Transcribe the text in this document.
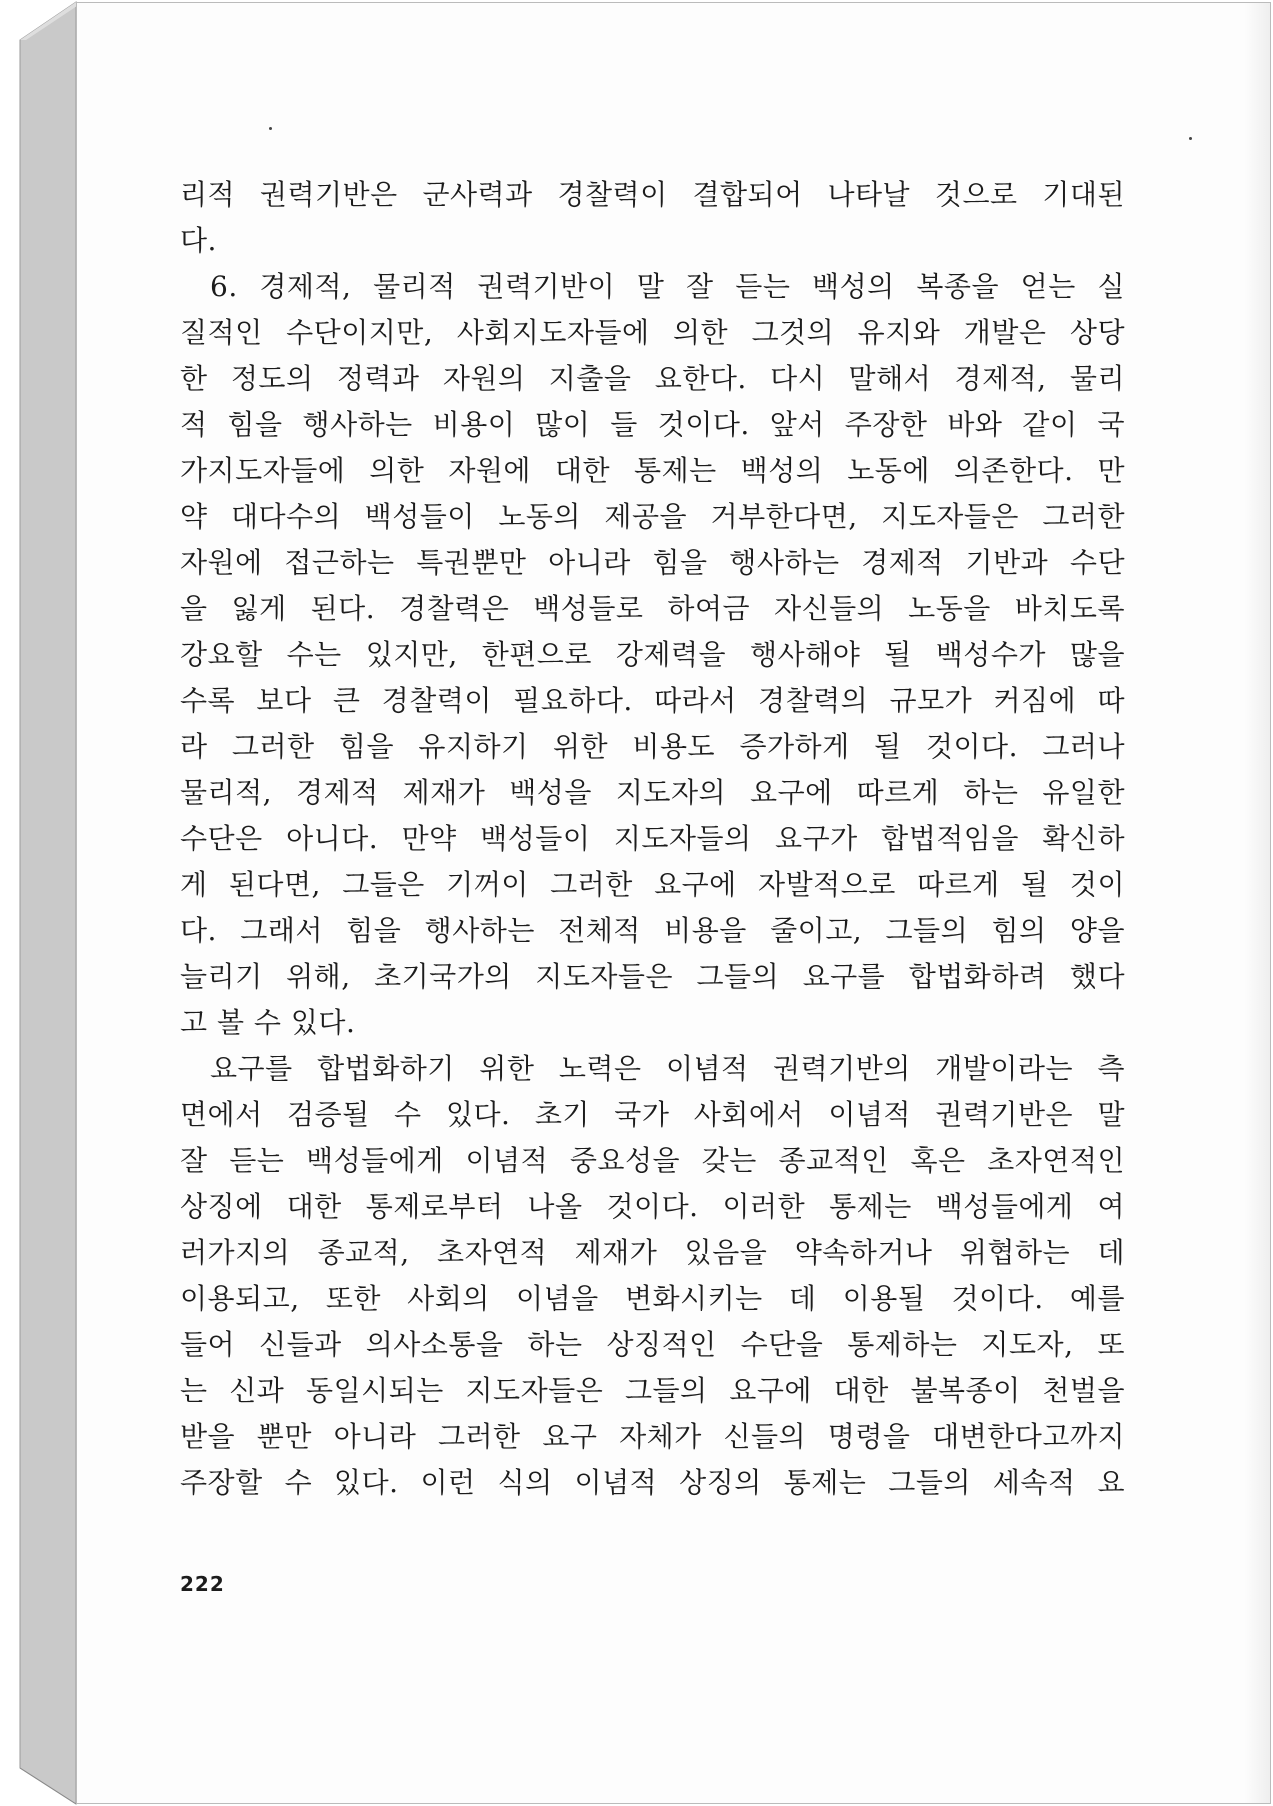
리적 권력기반은 군사력과 경찰력이 결합되어 나타날 것으로 기대된
다.
6. 경제적, 물리적 권력기반이 말 잘 듣는 백성의 복종을 얻는 실
질적인 수단이지만, 사회지도자들에 의한 그것의 유지와 개발은 상당
한 정도의 정력과 자원의 지출을 요한다. 다시 말해서 경제적, 물리
적 힘을 행사하는 비용이 많이 들 것이다. 앞서 주장한 바와 같이 국
가지도자들에 의한 자원에 대한 통제는 백성의 노동에 의존한다. 만
약 대다수의 백성들이 노동의 제공을 거부한다면, 지도자들은 그러한
자원에 접근하는 특권뿐만 아니라 힘을 행사하는 경제적 기반과 수단
을 잃게 된다. 경찰력은 백성들로 하여금 자신들의 노동을 바치도록
강요할 수는 있지만, 한편으로 강제력을 행사해야 될 백성수가 많을
수록 보다 큰 경찰력이 필요하다. 따라서 경찰력의 규모가 커짐에 따
라 그러한 힘을 유지하기 위한 비용도 증가하게 될 것이다. 그러나
물리적, 경제적 제재가 백성을 지도자의 요구에 따르게 하는 유일한
수단은 아니다. 만약 백성들이 지도자들의 요구가 합법적임을 확신하
게 된다면, 그들은 기꺼이 그러한 요구에 자발적으로 따르게 될 것이
다. 그래서 힘을 행사하는 전체적 비용을 줄이고, 그들의 힘의 양을
늘리기 위해, 초기국가의 지도자들은 그들의 요구를 합법화하려 했다
고 볼 수 있다.
요구를 합법화하기 위한 노력은 이념적 권력기반의 개발이라는 측
면에서 검증될 수 있다. 초기 국가 사회에서 이념적 권력기반은 말
잘 듣는 백성들에게 이념적 중요성을 갖는 종교적인 혹은 초자연적인
상징에 대한 통제로부터 나올 것이다. 이러한 통제는 백성들에게 여
러가지의 종교적, 초자연적 제재가 있음을 약속하거나 위협하는 데
이용되고, 또한 사회의 이념을 변화시키는 데 이용될 것이다. 예를
들어 신들과 의사소통을 하는 상징적인 수단을 통제하는 지도자, 또
는 신과 동일시되는 지도자들은 그들의 요구에 대한 불복종이 천벌을
받을 뿐만 아니라 그러한 요구 자체가 신들의 명령을 대변한다고까지
주장할 수 있다. 이런 식의 이념적 상징의 통제는 그들의 세속적 요
222
